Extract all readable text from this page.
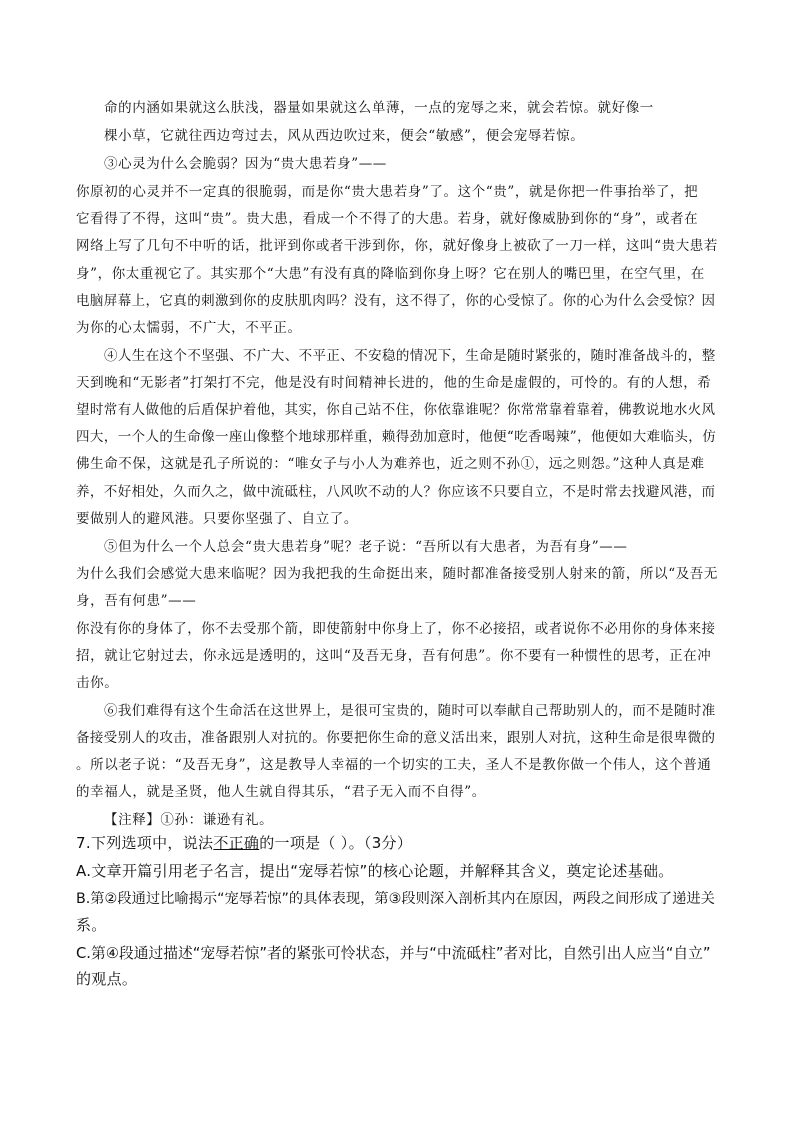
命的内涵如果就这么肤浅，器量如果就这么单薄，一点的宠辱之来，就会若惊。就好像一
棵小草，它就往西边弯过去，风从西边吹过来，便会“敏感”，便会宠辱若惊。
③心灵为什么会脆弱？因为“贵大患若身”——
你原初的心灵并不一定真的很脆弱，而是你“贵大患若身”了。这个“贵”，就是你把一件事抬举了，把
它看得了不得，这叫“贵”。贵大患，看成一个不得了的大患。若身，就好像威胁到你的“身”，或者在
网络上写了几句不中听的话，批评到你或者干涉到你，你，就好像身上被砍了一刀一样，这叫“贵大患若
身”，你太重视它了。其实那个“大患”有没有真的降临到你身上呀？它在别人的嘴巴里，在空气里，在
电脑屏幕上，它真的刺激到你的皮肤肌肉吗？没有，这不得了，你的心受惊了。你的心为什么会受惊？因
为你的心太懦弱，不广大，不平正。
④人生在这个不坚强、不广大、不平正、不安稳的情况下，生命是随时紧张的，随时准备战斗的，整
天到晚和“无影者”打架打不完，他是没有时间精神长进的，他的生命是虚假的，可怜的。有的人想，希
望时常有人做他的后盾保护着他，其实，你自己站不住，你依靠谁呢？你常常靠着靠着，佛教说地水火风
四大，一个人的生命像一座山像整个地球那样重，赖得劲加意时，他便“吃香喝辣”，他便如大难临头，仿
佛生命不保，这就是孔子所说的：“唯女子与小人为难养也，近之则不孙①，远之则怨。”这种人真是难
养，不好相处，久而久之，做中流砥柱，八风吹不动的人？你应该不只要自立，不是时常去找避风港，而
要做别人的避风港。只要你坚强了、自立了。
⑤但为什么一个人总会“贵大患若身”呢？老子说：“吾所以有大患者，为吾有身”——
为什么我们会感觉大患来临呢？因为我把我的生命挺出来，随时都准备接受别人射来的箭，所以“及吾无
身，吾有何患”——
你没有你的身体了，你不去受那个箭，即使箭射中你身上了，你不必接招，或者说你不必用你的身体来接
招，就让它射过去，你永远是透明的，这叫“及吾无身，吾有何患”。你不要有一种惯性的思考，正在冲
击你。
⑥我们难得有这个生命活在这世界上，是很可宝贵的，随时可以奉献自己帮助别人的，而不是随时准
备接受别人的攻击，准备跟别人对抗的。你要把你生命的意义活出来，跟别人对抗，这种生命是很卑微的
。所以老子说：“及吾无身”，这是教导人幸福的一个切实的工夫，圣人不是教你做一个伟人，这个普通
的幸福人，就是圣贤，他人生就自得其乐，“君子无入而不自得”。
【注释】①孙：谦逊有礼。
7.下列选项中，说法不正确的一项是（ ）。（3分）
A.文章开篇引用老子名言，提出“宠辱若惊”的核心论题，并解释其含义，奠定论述基础。
B.第②段通过比喻揭示“宠辱若惊”的具体表现，第③段则深入剖析其内在原因，两段之间形成了递进关
系。
C.第④段通过描述“宠辱若惊”者的紧张可怜状态，并与“中流砥柱”者对比，自然引出人应当“自立”
的观点。
